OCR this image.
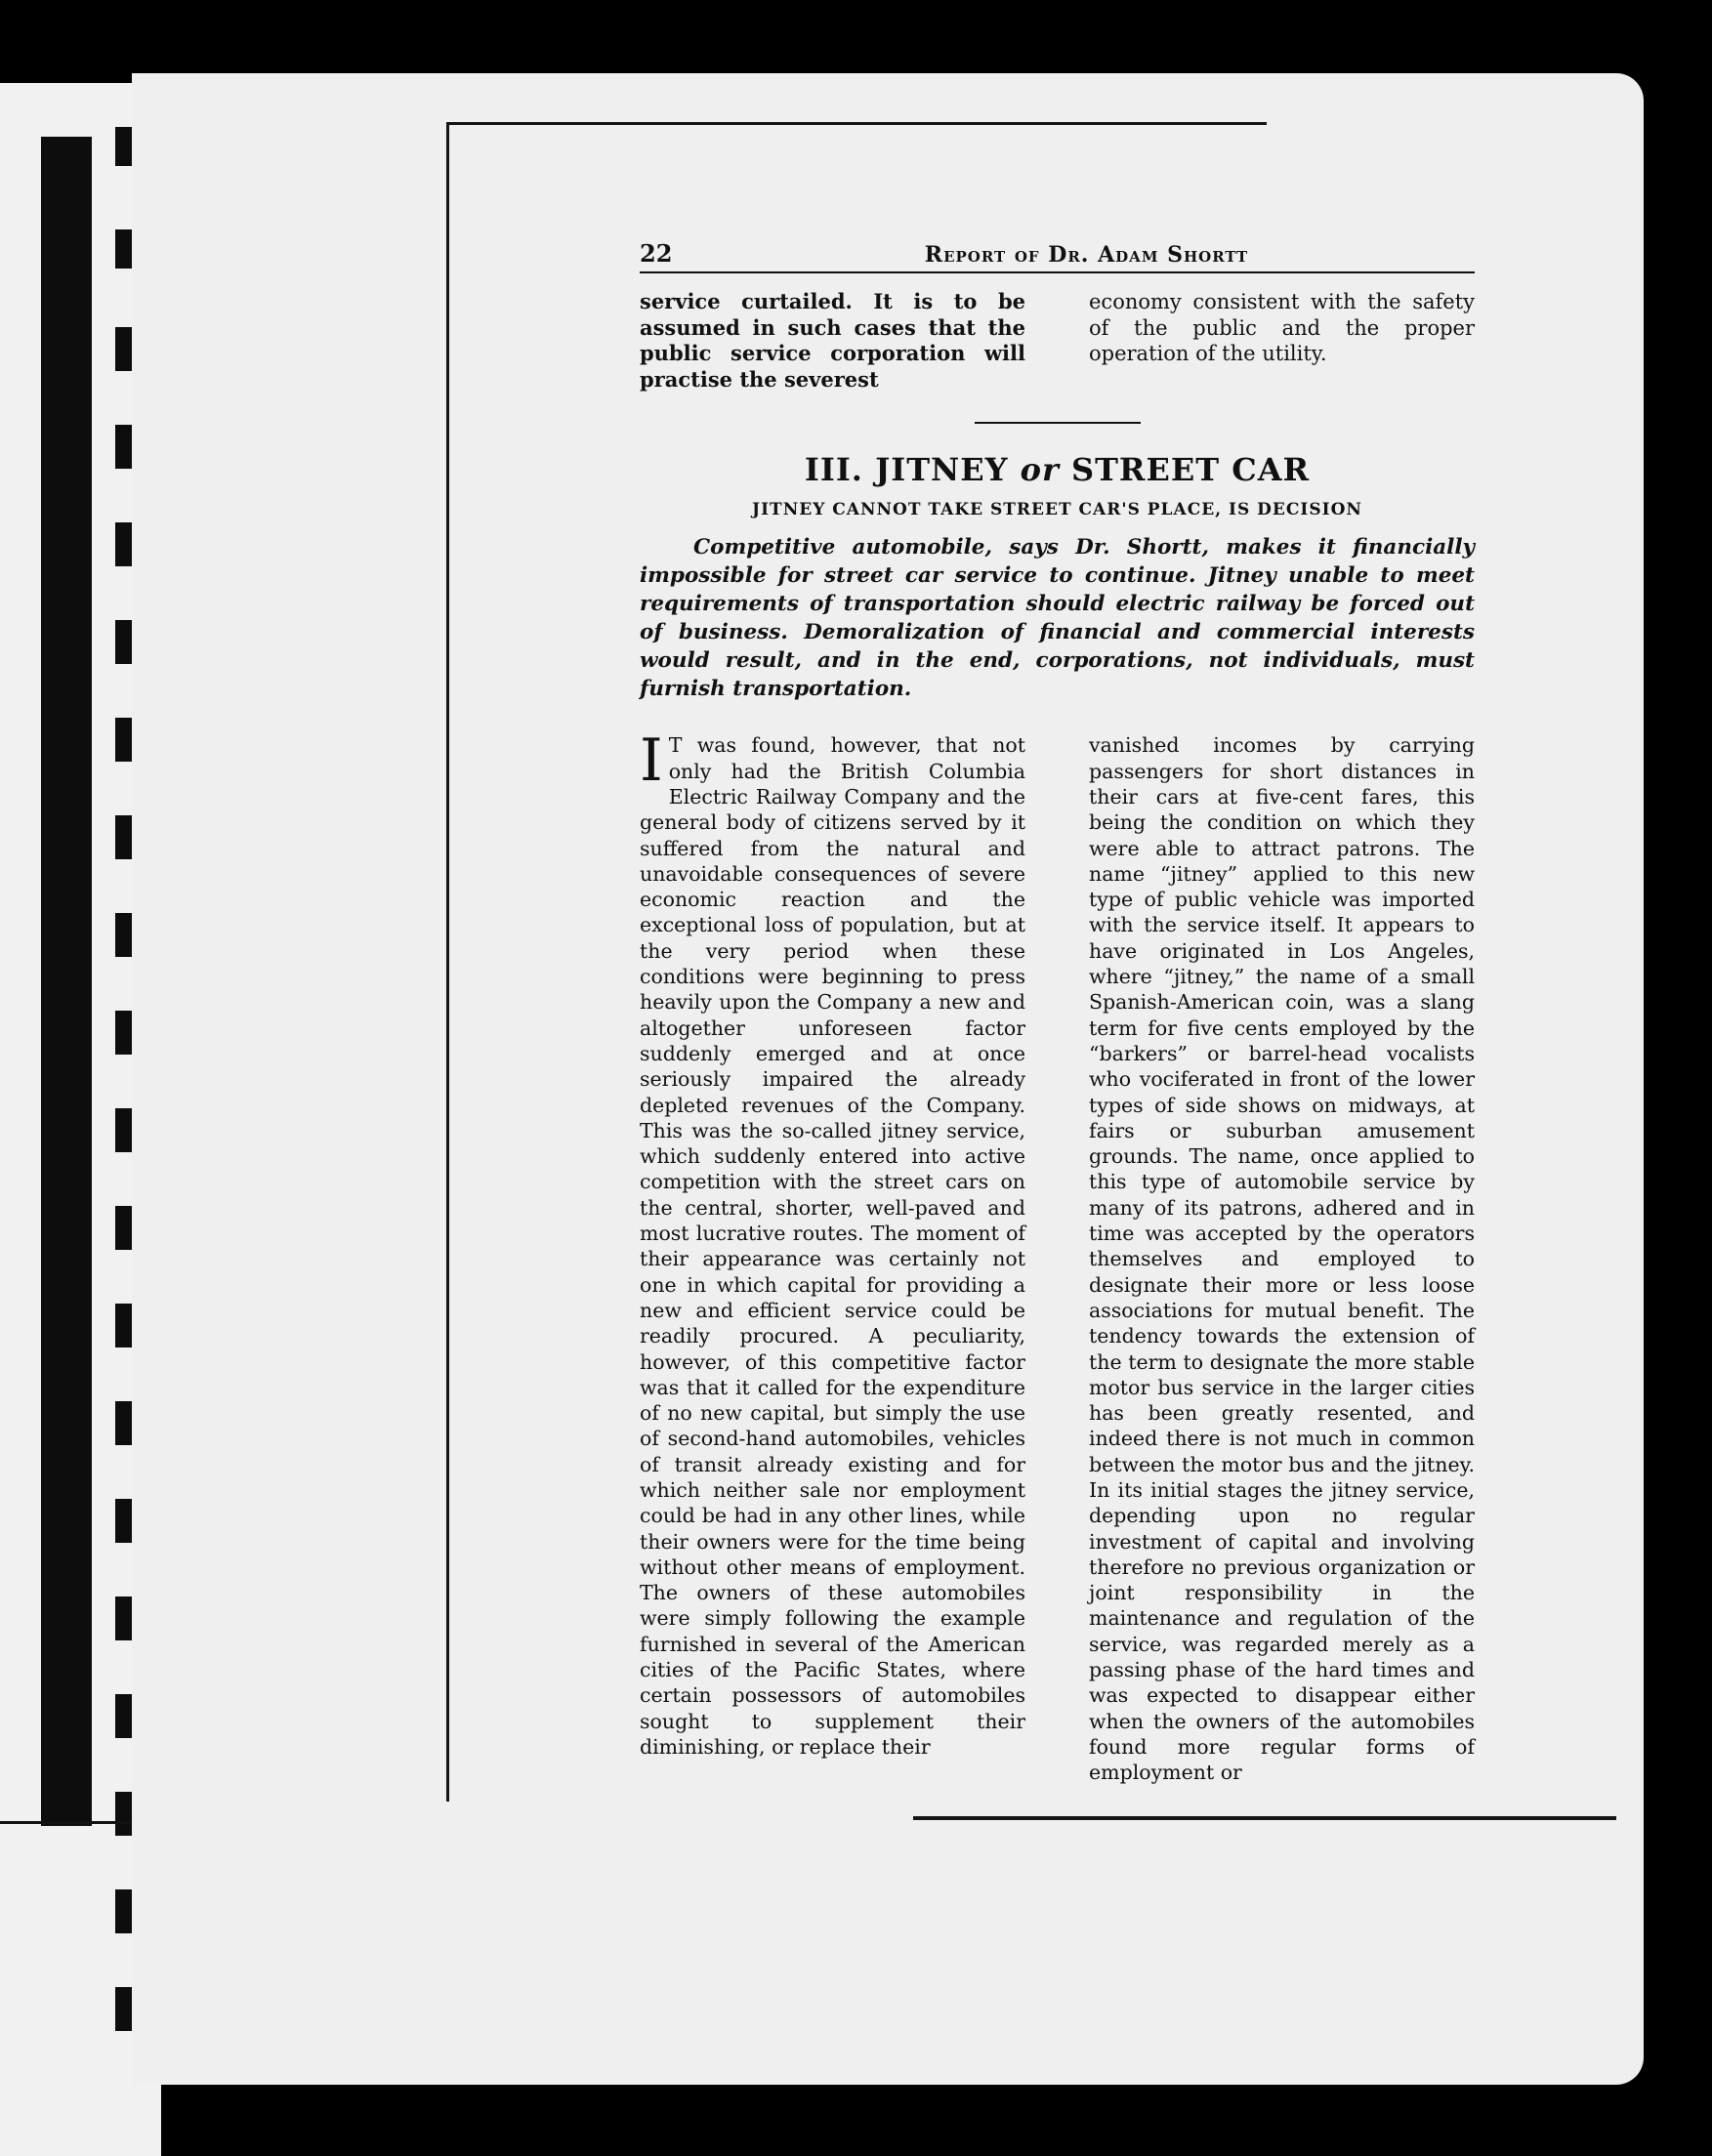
22	Report of Dr. Adam Shortt

service curtailed. It is to be assumed in such cases that the public service corporation will practise the severest

economy consistent with the safety of the public and the proper operation of the utility.

III. JITNEY or STREET CAR
JITNEY CANNOT TAKE STREET CAR'S PLACE, IS DECISION

Competitive automobile, says Dr. Shortt, makes it financially impossible for street car service to continue. Jitney unable to meet requirements of transportation should electric railway be forced out of business. Demoralization of financial and commercial interests would result, and in the end, corporations, not individuals, must furnish transportation.

I T was found, however, that not only had the British Columbia Electric Railway Company and the general body of citizens served by it suffered from the natural and unavoidable consequences of severe economic reaction and the exceptional loss of population, but at the very period when these conditions were beginning to press heavily upon the Company a new and altogether unforeseen factor suddenly emerged and at once seriously impaired the already depleted revenues of the Company. This was the so-called jitney service, which suddenly entered into active competition with the street cars on the central, shorter, well-paved and most lucrative routes. The moment of their appearance was certainly not one in which capital for providing a new and efficient service could be readily procured. A peculiarity, however, of this competitive factor was that it called for the expenditure of no new capital, but simply the use of second-hand automobiles, vehicles of transit already existing and for which neither sale nor employment could be had in any other lines, while their owners were for the time being without other means of employment. The owners of these automobiles were simply following the example furnished in several of the American cities of the Pacific States, where certain possessors of automobiles sought to supplement their diminishing, or replace their

vanished incomes by carrying passengers for short distances in their cars at five-cent fares, this being the condition on which they were able to attract patrons. The name “jitney” applied to this new type of public vehicle was imported with the service itself. It appears to have originated in Los Angeles, where “jitney,” the name of a small Spanish-American coin, was a slang term for five cents employed by the “barkers” or barrel-head vocalists who vociferated in front of the lower types of side shows on midways, at fairs or suburban amusement grounds. The name, once applied to this type of automobile service by many of its patrons, adhered and in time was accepted by the operators themselves and employed to designate their more or less loose associations for mutual benefit. The tendency towards the extension of the term to designate the more stable motor bus service in the larger cities has been greatly resented, and indeed there is not much in common between the motor bus and the jitney. In its initial stages the jitney service, depending upon no regular investment of capital and involving therefore no previous organization or joint responsibility in the maintenance and regulation of the service, was regarded merely as a passing phase of the hard times and was expected to disappear either when the owners of the automobiles found more regular forms of employment or
